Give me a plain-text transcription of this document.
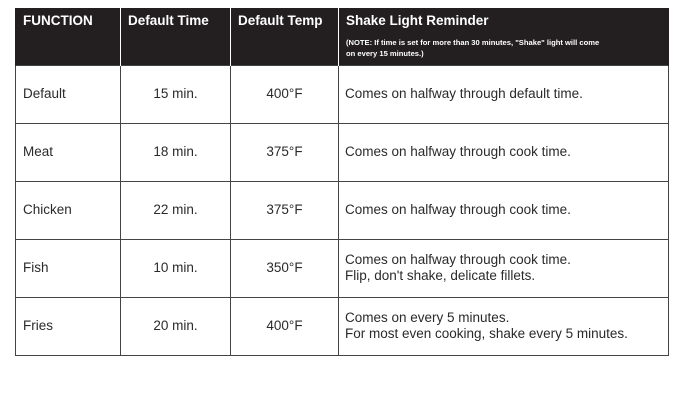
FUNCTION	Default Time	Default Temp	Shake Light Reminder
(NOTE: If time is set for more than 30 minutes, "Shake" light will come
on every 15 minutes.)

Default	15 min.	400°F	Comes on halfway through default time.

Meat	18 min.	375°F	Comes on halfway through cook time.

Chicken	22 min.	375°F	Comes on halfway through cook time.

Fish	10 min.	350°F	Comes on halfway through cook time.
Flip, don't shake, delicate fillets.

Fries	20 min.	400°F	Comes on every 5 minutes.
For most even cooking, shake every 5 minutes.
